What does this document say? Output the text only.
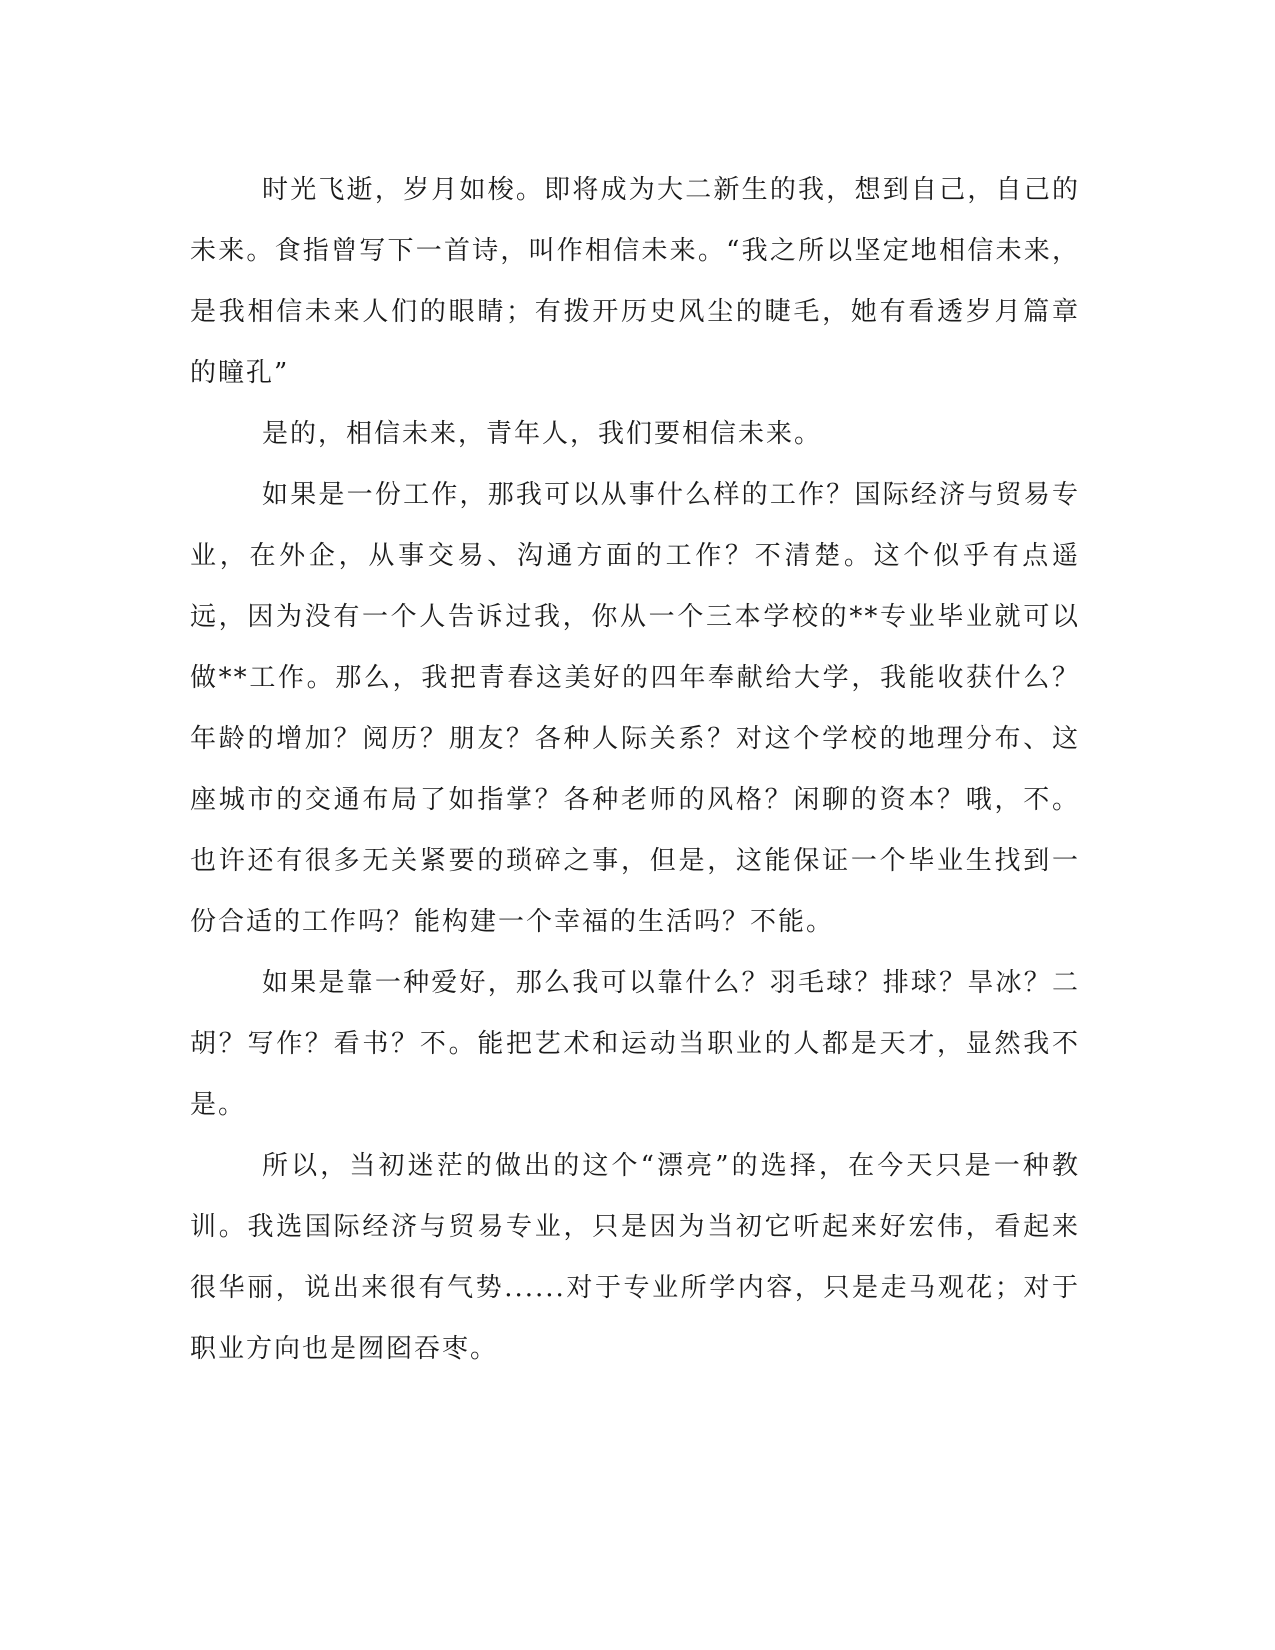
时光飞逝，岁月如梭。即将成为大二新生的我，想到自己，自己的未来。食指曾写下一首诗，叫作相信未来。“我之所以坚定地相信未来，是我相信未来人们的眼睛；有拨开历史风尘的睫毛，她有看透岁月篇章的瞳孔”

是的，相信未来，青年人，我们要相信未来。

如果是一份工作，那我可以从事什么样的工作？国际经济与贸易专业，在外企，从事交易、沟通方面的工作？不清楚。这个似乎有点遥远，因为没有一个人告诉过我，你从一个三本学校的**专业毕业就可以做**工作。那么，我把青春这美好的四年奉献给大学，我能收获什么？年龄的增加？阅历？朋友？各种人际关系？对这个学校的地理分布、这座城市的交通布局了如指掌？各种老师的风格？闲聊的资本？哦，不。也许还有很多无关紧要的琐碎之事，但是，这能保证一个毕业生找到一份合适的工作吗？能构建一个幸福的生活吗？不能。

如果是靠一种爱好，那么我可以靠什么？羽毛球？排球？旱冰？二胡？写作？看书？不。能把艺术和运动当职业的人都是天才，显然我不是。

所以，当初迷茫的做出的这个“漂亮”的选择，在今天只是一种教训。我选国际经济与贸易专业，只是因为当初它听起来好宏伟，看起来很华丽，说出来很有气势......对于专业所学内容，只是走马观花；对于职业方向也是囫囵吞枣。
